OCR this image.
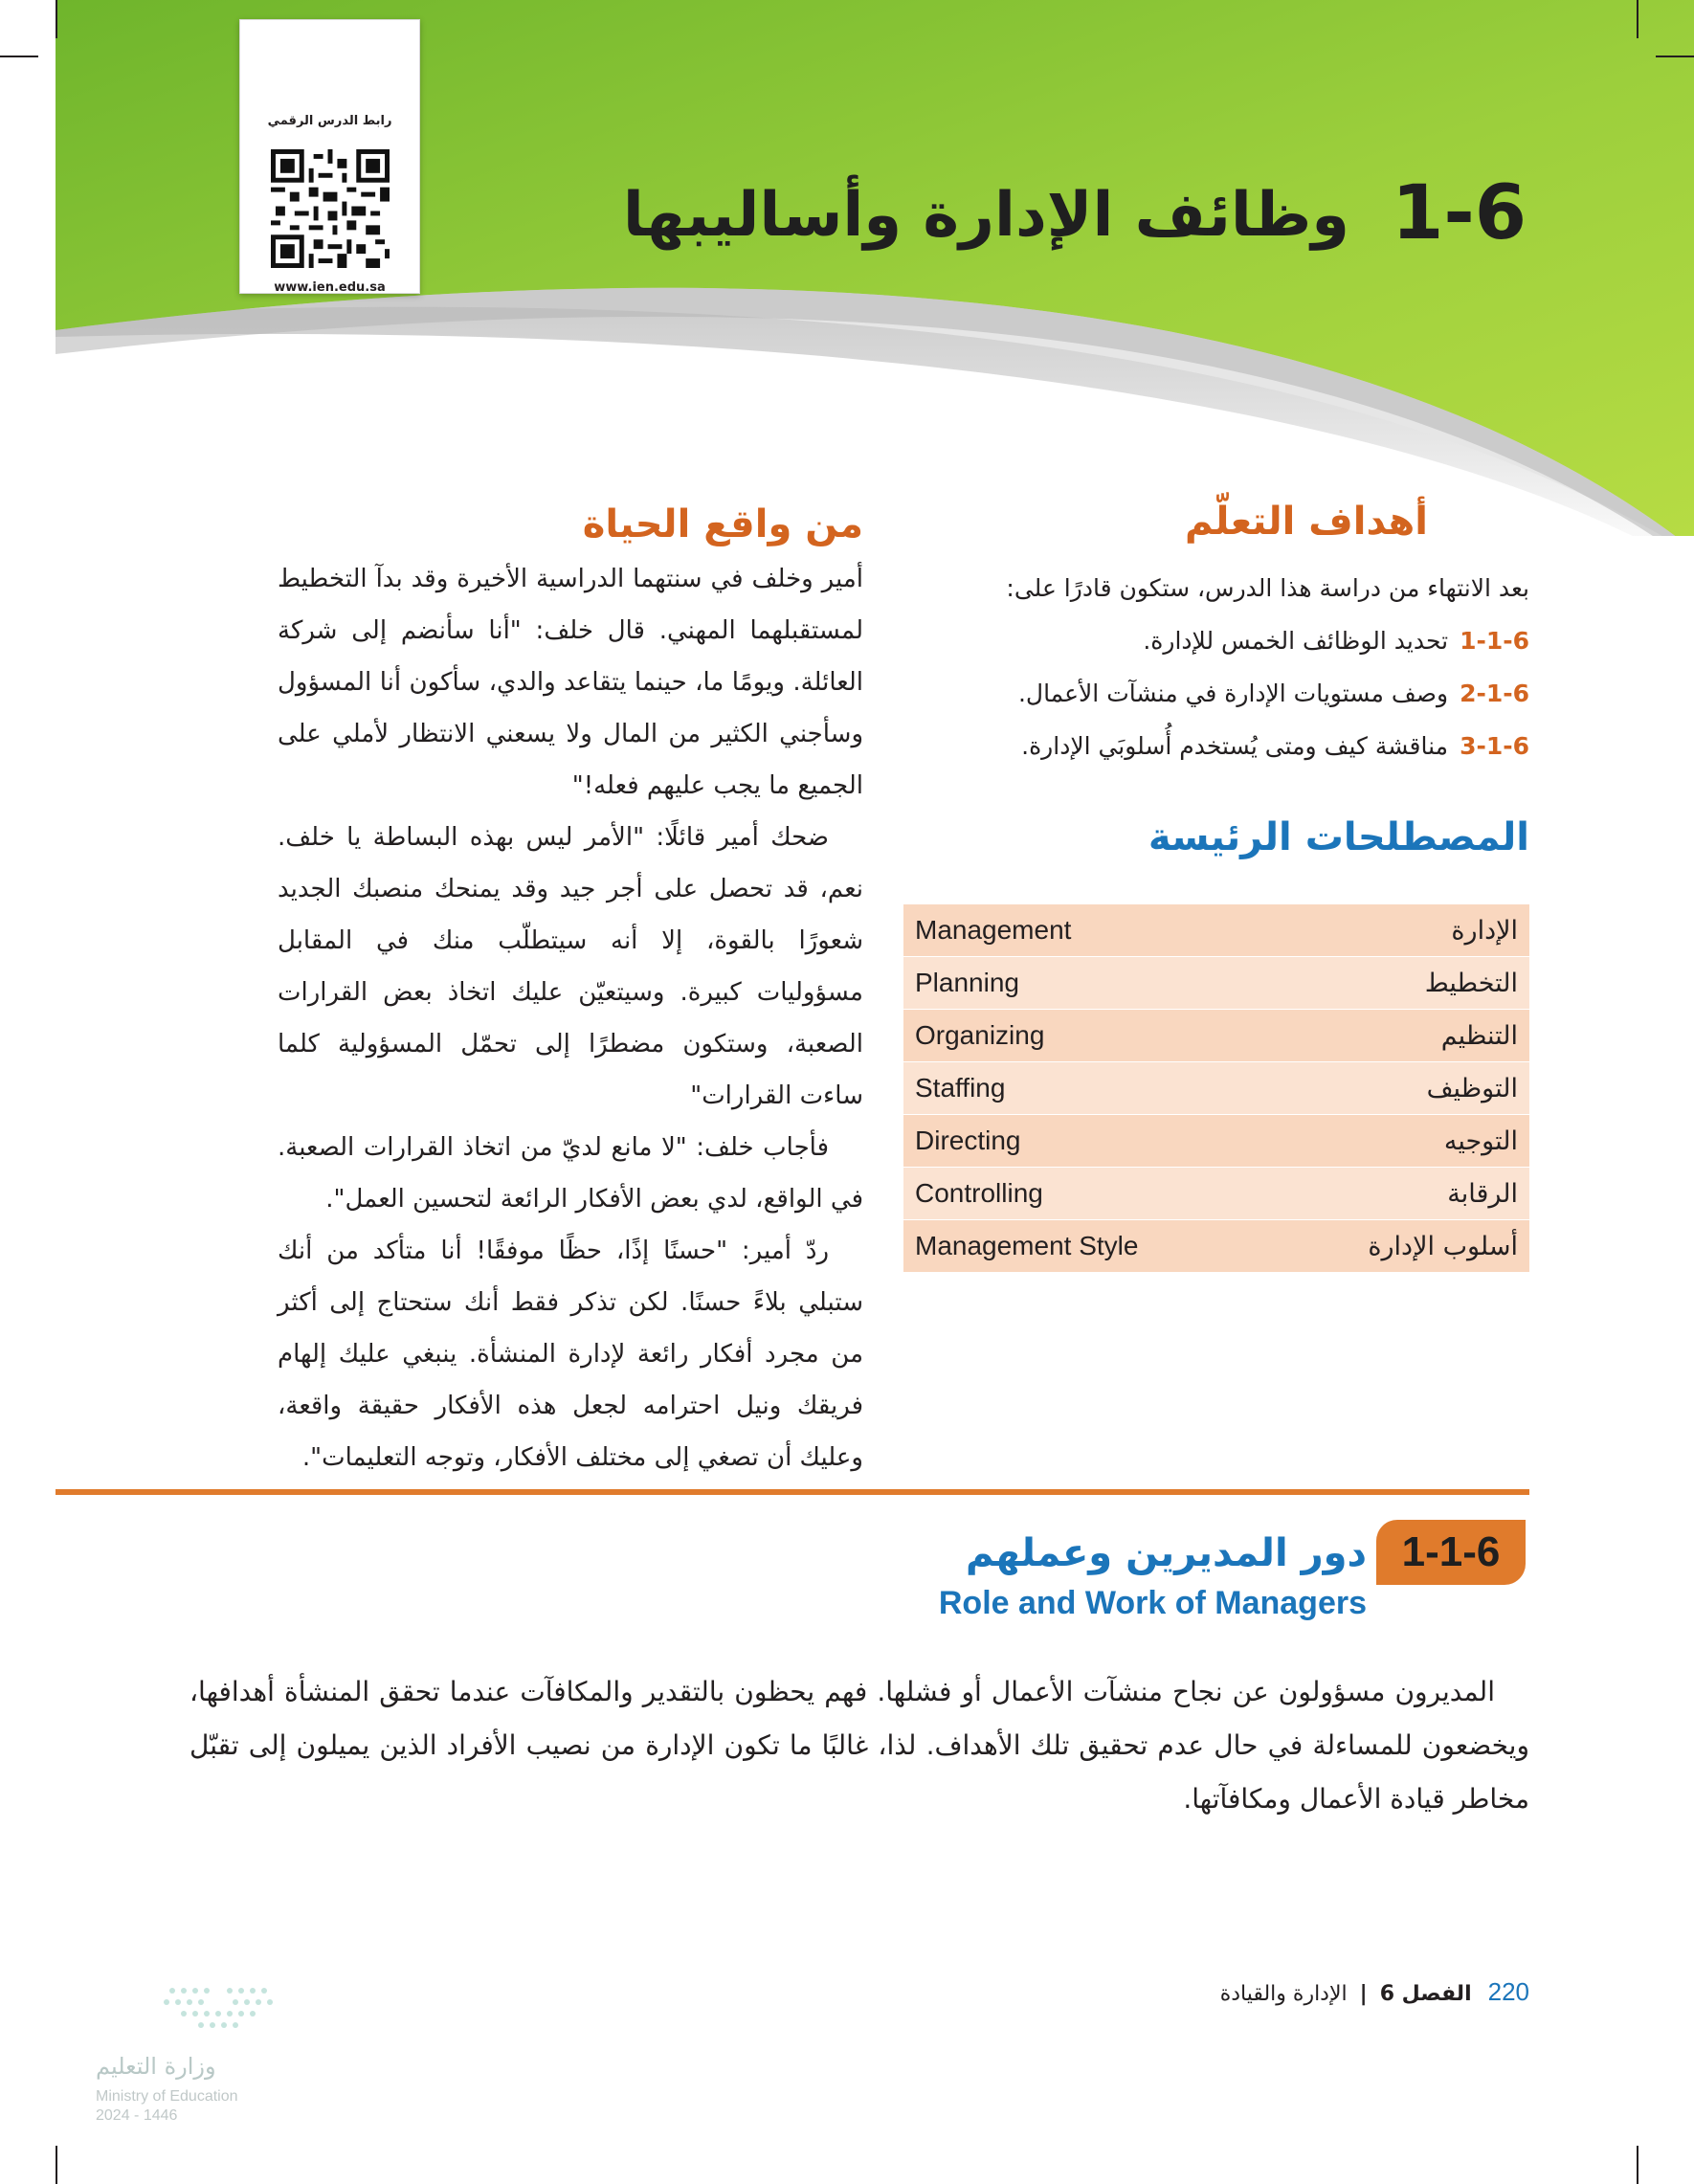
رابط الدرس الرقمي
www.ien.edu.sa
1-6
وظائف الإدارة وأساليبها
أهداف التعلّم
بعد الانتهاء من دراسة هذا الدرس، ستكون قادرًا على:
1-1-6تحديد الوظائف الخمس للإدارة.
2-1-6وصف مستويات الإدارة في منشآت الأعمال.
3-1-6مناقشة كيف ومتى يُستخدم أُسلوبَي الإدارة.
المصطلحات الرئيسة
Management	الإدارة
Planning	التخطيط
Organizing	التنظيم
Staffing	التوظيف
Directing	التوجيه
Controlling	الرقابة
Management Style	أسلوب الإدارة
من واقع الحياة

أمير وخلف في سنتهما الدراسية الأخيرة وقد بدآ التخطيط لمستقبلهما المهني. قال خلف: "أنا سأنضم إلى شركة العائلة. ويومًا ما، حينما يتقاعد والدي، سأكون أنا المسؤول وسأجني الكثير من المال ولا يسعني الانتظار لأملي على الجميع ما يجب عليهم فعله!"

ضحك أمير قائلًا: "الأمر ليس بهذه البساطة يا خلف. نعم، قد تحصل على أجر جيد وقد يمنحك منصبك الجديد شعورًا بالقوة، إلا أنه سيتطلّب منك في المقابل مسؤوليات كبيرة. وسيتعيّن عليك اتخاذ بعض القرارات الصعبة، وستكون مضطرًا إلى تحمّل المسؤولية كلما ساءت القرارات"

فأجاب خلف: "لا مانع لديّ من اتخاذ القرارات الصعبة. في الواقع، لدي بعض الأفكار الرائعة لتحسين العمل".

ردّ أمير: "حسنًا إذًا، حظًا موفقًا! أنا متأكد من أنك ستبلي بلاءً حسنًا. لكن تذكر فقط أنك ستحتاج إلى أكثر من مجرد أفكار رائعة لإدارة المنشأة. ينبغي عليك إلهام فريقك ونيل احترامه لجعل هذه الأفكار حقيقة واقعة، وعليك أن تصغي إلى مختلف الأفكار، وتوجه التعليمات".

1-1-6
دور المديرين وعملهم
Role and Work of Managers
المديرون مسؤولون عن نجاح منشآت الأعمال أو فشلها. فهم يحظون بالتقدير والمكافآت عندما تحقق المنشأة أهدافها، ويخضعون للمساءلة في حال عدم تحقيق تلك الأهداف. لذا، غالبًا ما تكون الإدارة من نصيب الأفراد الذين يميلون إلى تقبّل مخاطر قيادة الأعمال ومكافآتها.
220 الفصل 6 | الإدارة والقيادة
وزارة التعليم
Ministry of Education
2024 - 1446
